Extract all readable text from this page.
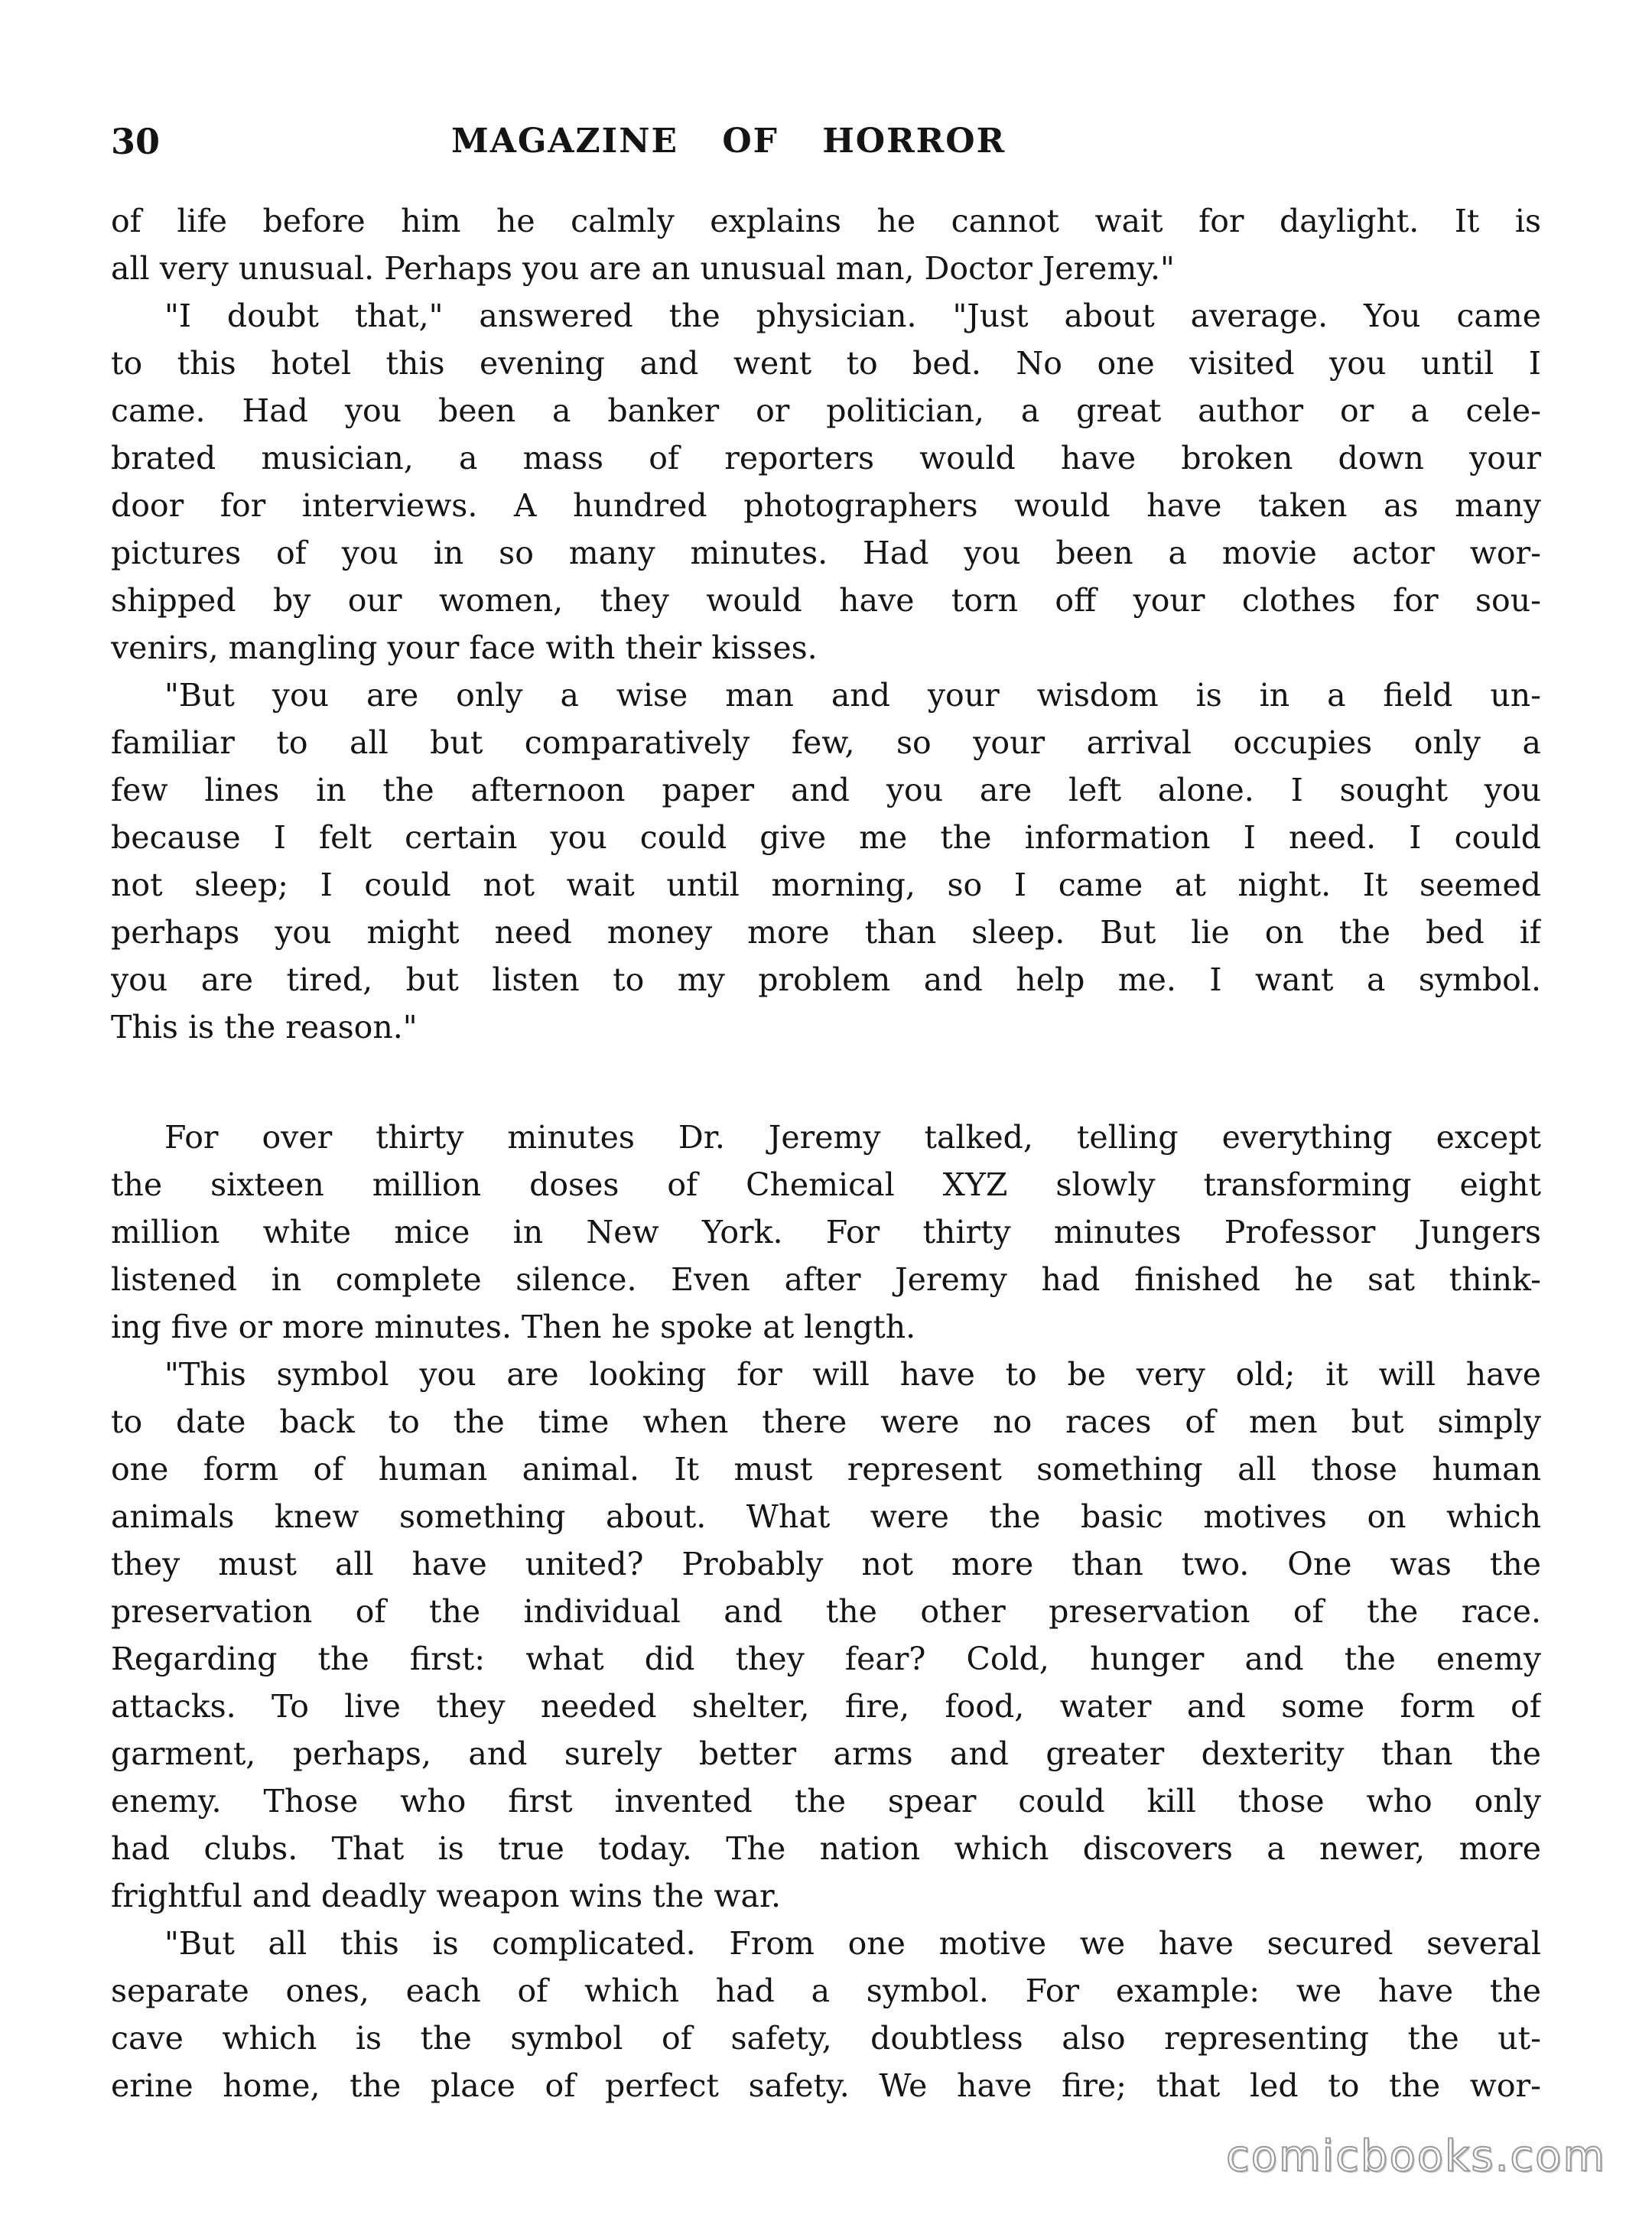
30	MAGAZINE OF HORROR
of life before him he calmly explains he cannot wait for daylight. It is
all very unusual. Perhaps you are an unusual man, Doctor Jeremy."
"I doubt that," answered the physician. "Just about average. You came
to this hotel this evening and went to bed. No one visited you until I
came. Had you been a banker or politician, a great author or a cele-
brated musician, a mass of reporters would have broken down your
door for interviews. A hundred photographers would have taken as many
pictures of you in so many minutes. Had you been a movie actor wor-
shipped by our women, they would have torn off your clothes for sou-
venirs, mangling your face with their kisses.
"But you are only a wise man and your wisdom is in a field un-
familiar to all but comparatively few, so your arrival occupies only a
few lines in the afternoon paper and you are left alone. I sought you
because I felt certain you could give me the information I need. I could
not sleep; I could not wait until morning, so I came at night. It seemed
perhaps you might need money more than sleep. But lie on the bed if
you are tired, but listen to my problem and help me. I want a symbol.
This is the reason."
For over thirty minutes Dr. Jeremy talked, telling everything except
the sixteen million doses of Chemical XYZ slowly transforming eight
million white mice in New York. For thirty minutes Professor Jungers
listened in complete silence. Even after Jeremy had finished he sat think-
ing five or more minutes. Then he spoke at length.
"This symbol you are looking for will have to be very old; it will have
to date back to the time when there were no races of men but simply
one form of human animal. It must represent something all those human
animals knew something about. What were the basic motives on which
they must all have united? Probably not more than two. One was the
preservation of the individual and the other preservation of the race.
Regarding the first: what did they fear? Cold, hunger and the enemy
attacks. To live they needed shelter, fire, food, water and some form of
garment, perhaps, and surely better arms and greater dexterity than the
enemy. Those who first invented the spear could kill those who only
had clubs. That is true today. The nation which discovers a newer, more
frightful and deadly weapon wins the war.
"But all this is complicated. From one motive we have secured several
separate ones, each of which had a symbol. For example: we have the
cave which is the symbol of safety, doubtless also representing the ut-
erine home, the place of perfect safety. We have fire; that led to the wor-
comicbooks.com
